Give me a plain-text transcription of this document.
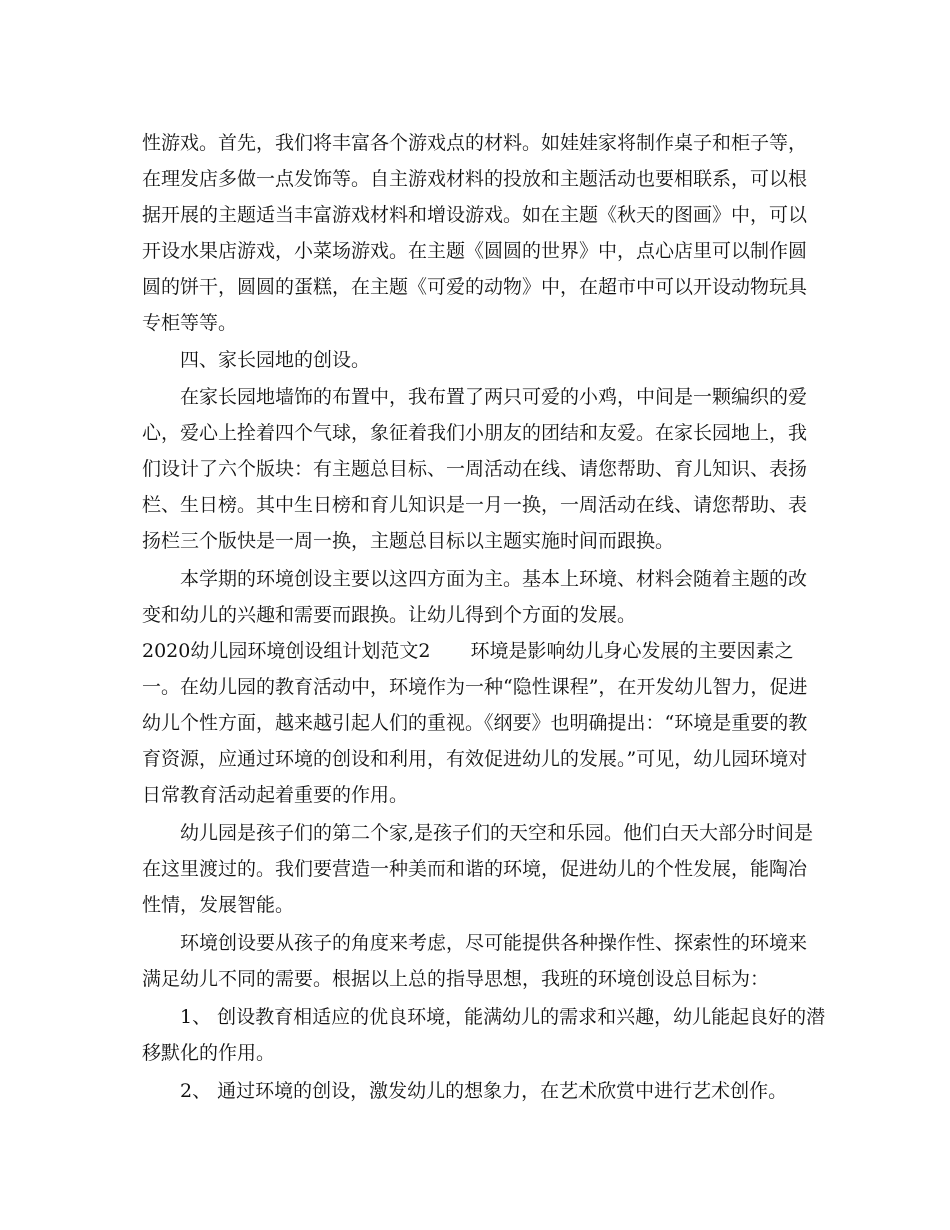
性游戏。首先，我们将丰富各个游戏点的材料。如娃娃家将制作桌子和柜子等，
在理发店多做一点发饰等。自主游戏材料的投放和主题活动也要相联系，可以根
据开展的主题适当丰富游戏材料和增设游戏。如在主题《秋天的图画》中，可以
开设水果店游戏，小菜场游戏。在主题《圆圆的世界》中，点心店里可以制作圆
圆的饼干，圆圆的蛋糕，在主题《可爱的动物》中，在超市中可以开设动物玩具
专柜等等。
四、家长园地的创设。
在家长园地墙饰的布置中，我布置了两只可爱的小鸡，中间是一颗编织的爱
心，爱心上拴着四个气球，象征着我们小朋友的团结和友爱。在家长园地上，我
们设计了六个版块：有主题总目标、一周活动在线、请您帮助、育儿知识、表扬
栏、生日榜。其中生日榜和育儿知识是一月一换，一周活动在线、请您帮助、表
扬栏三个版快是一周一换，主题总目标以主题实施时间而跟换。
本学期的环境创设主要以这四方面为主。基本上环境、材料会随着主题的改
变和幼儿的兴趣和需要而跟换。让幼儿得到个方面的发展。
2020幼儿园环境创设组计划范文2 环境是影响幼儿身心发展的主要因素之
一。在幼儿园的教育活动中，环境作为一种“隐性课程”，在开发幼儿智力，促进
幼儿个性方面，越来越引起人们的重视。《纲要》也明确提出：“环境是重要的教
育资源，应通过环境的创设和利用，有效促进幼儿的发展。”可见，幼儿园环境对
日常教育活动起着重要的作用。
幼儿园是孩子们的第二个家,是孩子们的天空和乐园。他们白天大部分时间是
在这里渡过的。我们要营造一种美而和谐的环境，促进幼儿的个性发展，能陶冶
性情，发展智能。
环境创设要从孩子的角度来考虑，尽可能提供各种操作性、探索性的环境来
满足幼儿不同的需要。根据以上总的指导思想，我班的环境创设总目标为：
1、 创设教育相适应的优良环境，能满幼儿的需求和兴趣，幼儿能起良好的潜
移默化的作用。
2、 通过环境的创设，激发幼儿的想象力，在艺术欣赏中进行艺术创作。
